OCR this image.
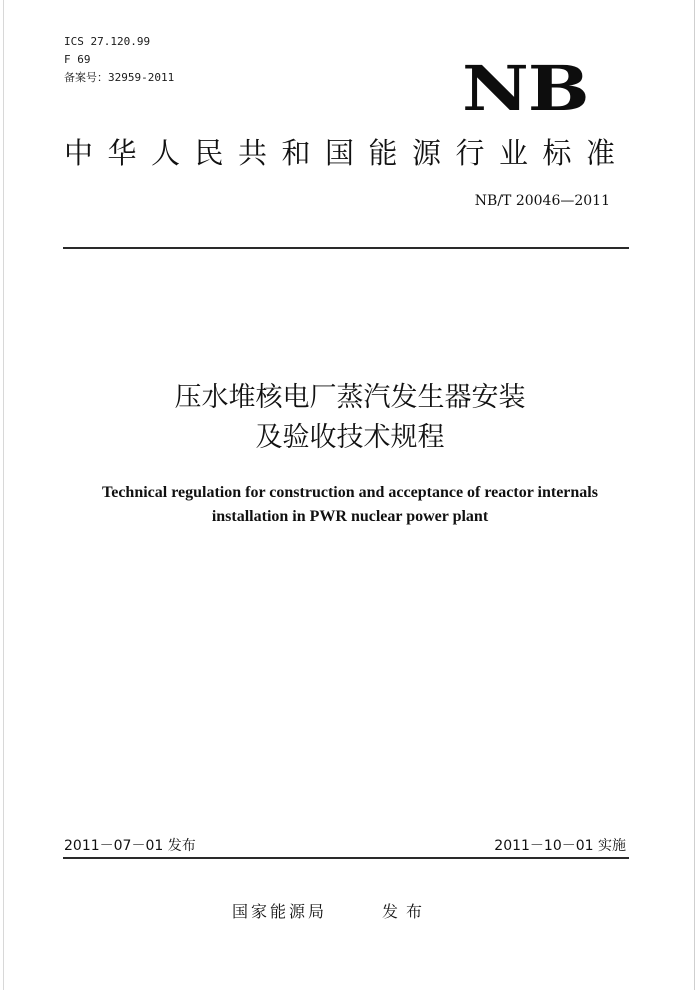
ICS 27.120.99
F 69
备案号：32959-2011	NB
中华人民共和国能源行业标准
NB/T 20046—2011
压水堆核电厂蒸汽发生器安装
及验收技术规程
Technical regulation for construction and acceptance of reactor internals
installation in PWR nuclear power plant
2011－07－01 发布	2011－10－01 实施
国家能源局	发布
